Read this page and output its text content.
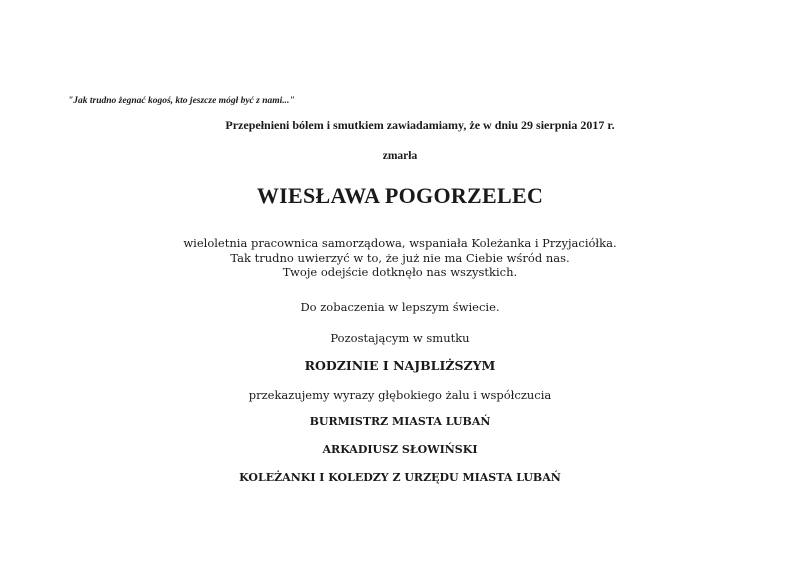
"Jak trudno żegnać kogoś, kto jeszcze mógł być z nami..."
Przepełnieni bólem i smutkiem zawiadamiamy, że w dniu 29 sierpnia 2017 r.
zmarła
WIESŁAWA POGORZELEC
wieloletnia pracownica samorządowa, wspaniała Koleżanka i Przyjaciółka.
Tak trudno uwierzyć w to, że już nie ma Ciebie wśród nas.
Twoje odejście dotknęło nas wszystkich.
Do zobaczenia w lepszym świecie.
Pozostającym w smutku
RODZINIE I NAJBLIŻSZYM
przekazujemy wyrazy głębokiego żalu i współczucia
BURMISTRZ MIASTA LUBAŃ
ARKADIUSZ SŁOWIŃSKI
KOLEŻANKI I KOLEDZY Z URZĘDU MIASTA LUBAŃ
